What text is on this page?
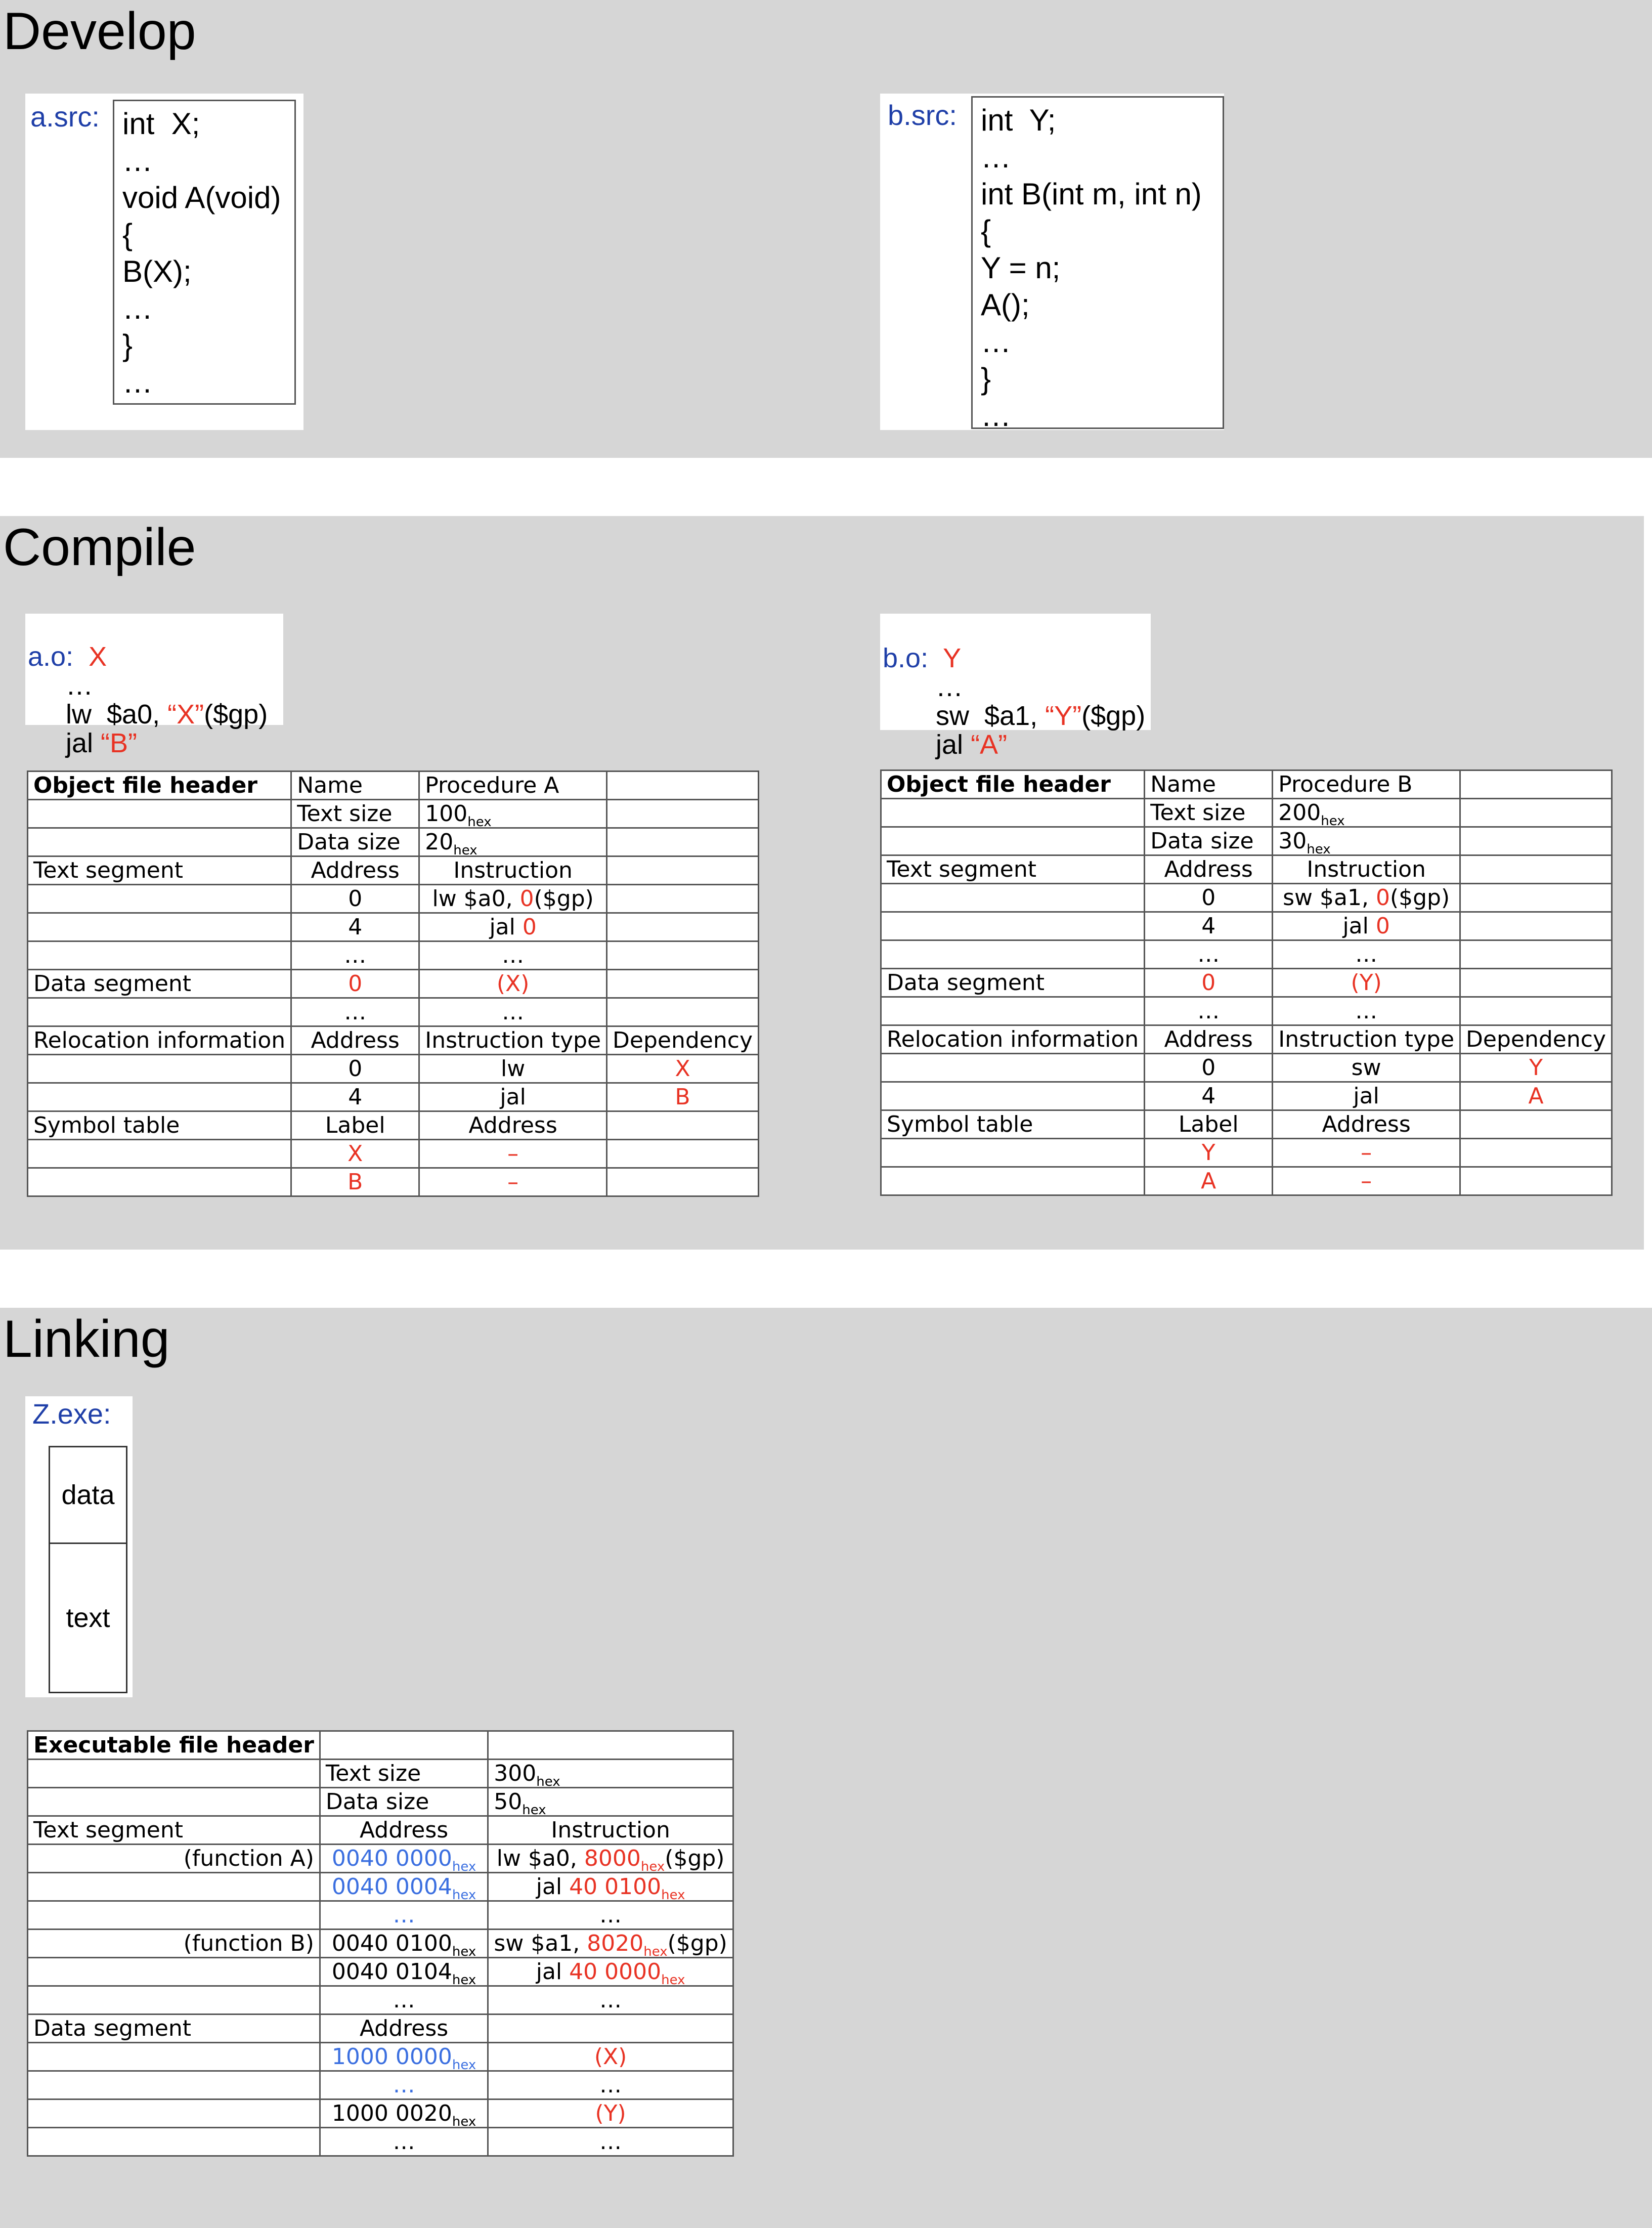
Develop
a.src: int  X;
…
void A(void)
{
B(X);
…
}
…
b.src: int  Y;
…
int B(int m, int n)
{
Y = n;
A();
…
}
…
Compile

a.o: X
…
lw  $a0, “X”($gp)
jal “B”

b.o: Y
…
sw  $a1, “Y”($gp)
jal “A”
Object file header	Name	Procedure A	
	Text size	$100_{hex}$	
	Data size	$20_{hex}$	
Text segment	Address	Instruction	
	0	lw $a0, 0($gp)	
	4	jal 0	
	…	…	
Data segment	0	(X)	
	…	…	
Relocation information	Address	Instruction type	Dependency
	0	lw	X
	4	jal	B
Symbol table	Label	Address	
	X	–	
	B	–	
Object file header	Name	Procedure B	
	Text size	$200_{hex}$	
	Data size	$30_{hex}$	
Text segment	Address	Instruction	
	0	sw $a1, 0($gp)	
	4	jal 0	
	…	…	
Data segment	0	(Y)	
	…	…	
Relocation information	Address	Instruction type	Dependency
	0	sw	Y
	4	jal	A
Symbol table	Label	Address	
	Y	–	
	A	–	
Linking
Z.exe:
data
text
Executable file header		
	Text size	$300_{hex}$
	Data size	$50_{hex}$
Text segment	Address	Instruction
(function A)	0040 $0000_{hex}$	lw $a0, $8000_{hex}(\$gp)$
	0040 $0004_{hex}$	jal 40 $0100_{hex}$
	…	…
(function B)	0040 $0100_{hex}$	sw $a1, $8020_{hex}(\$gp)$
	0040 $0104_{hex}$	jal 40 $0000_{hex}$
	…	…
Data segment	Address	
	1000 $0000_{hex}$	(X)
	…	…
	1000 $0020_{hex}$	(Y)
	…	…
